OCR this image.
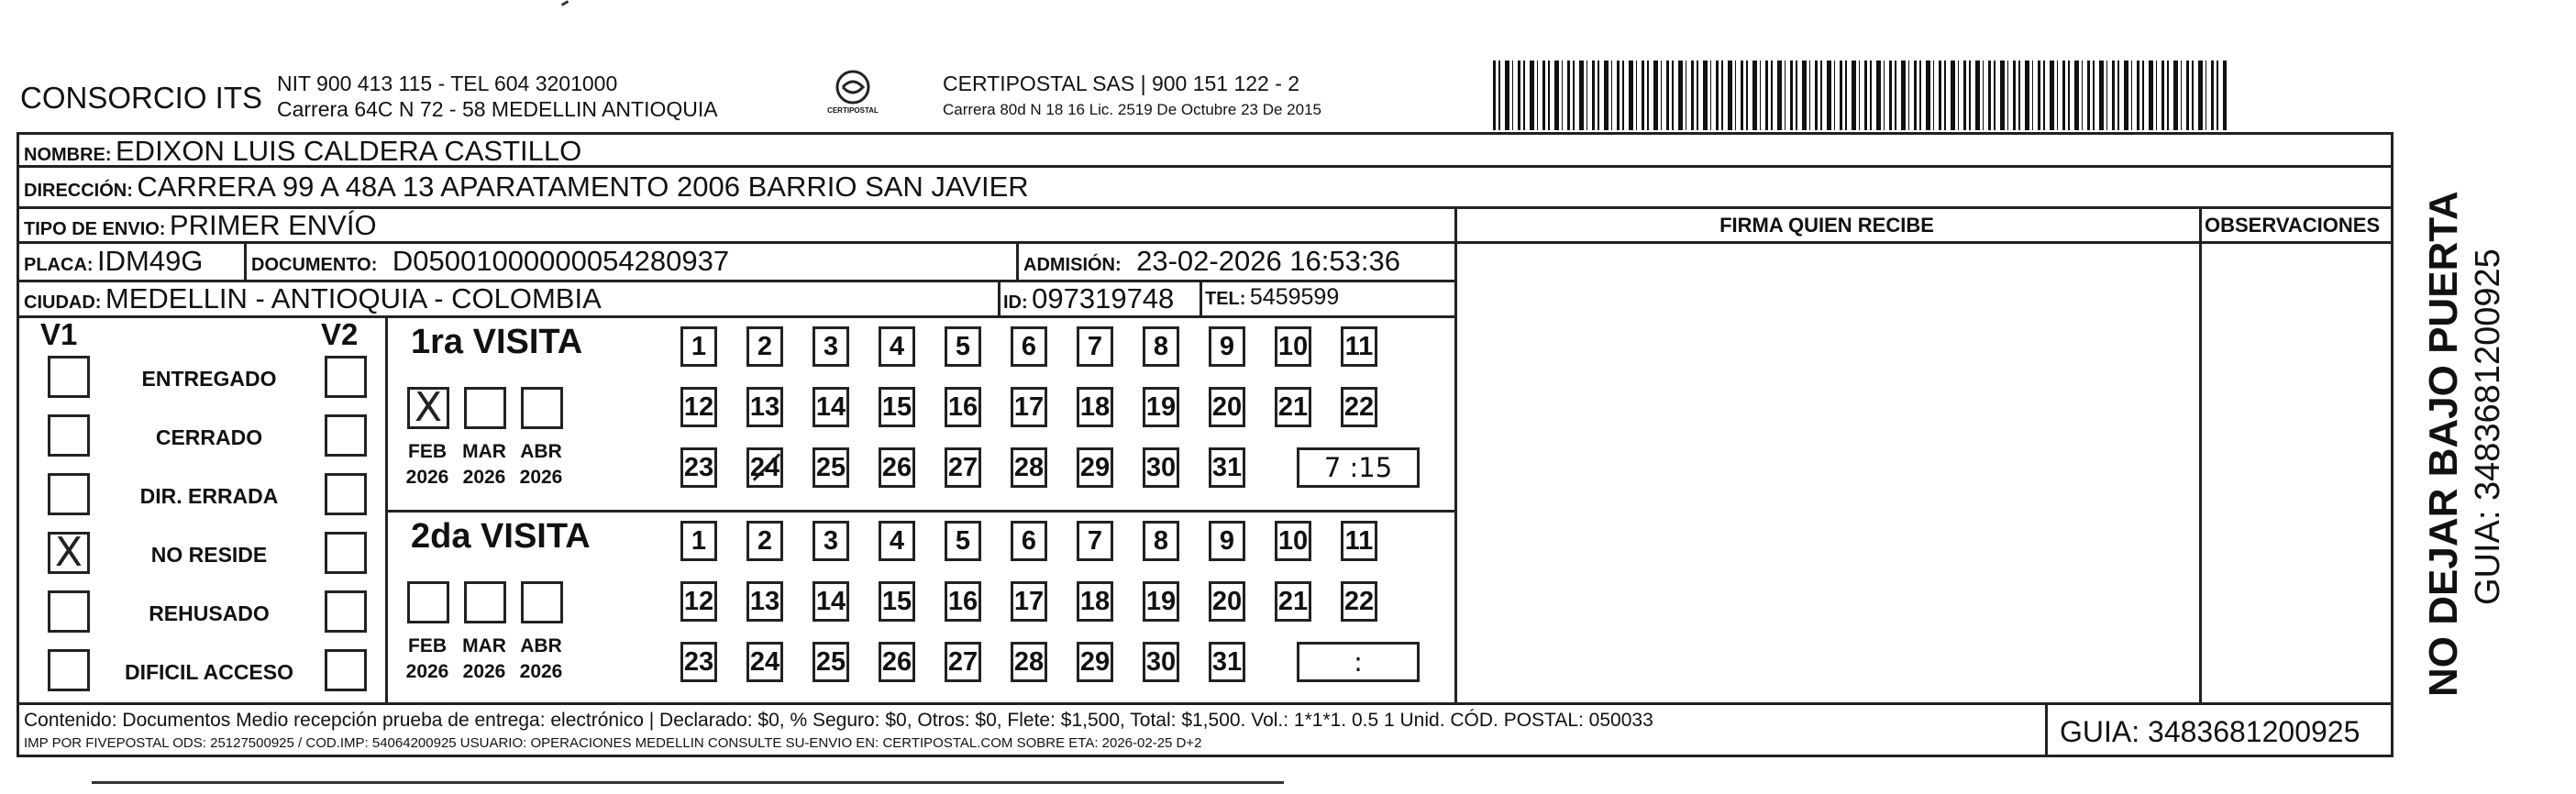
CONSORCIO ITS NIT 900 413 115 - TEL 604 3201000
Carrera 64C N 72 - 58 MEDELLIN ANTIOQUIA	CERTIPOSTAL
CERTIPOSTAL SAS | 900 151 122 - 2
Carrera 80d N 18 16 Lic. 2519 De Octubre 23 De 2015
NOMBRE: EDIXON LUIS CALDERA CASTILLO
DIRECCIÓN: CARRERA 99 A 48A 13 APARATAMENTO 2006 BARRIO SAN JAVIER
TIPO DE ENVIO: PRIMER ENVÍO
PLACA: IDM49G	DOCUMENTO: D05001000000054280937	ADMISIÓN: 23-02-2026 16:53:36
CIUDAD: MEDELLIN - ANTIOQUIA - COLOMBIA	ID: 097319748 TEL: 5459599
FIRMA QUIEN RECIBE	OBSERVACIONES
V1	V2
ENTREGADO
CERRADO
DIR. ERRADA
X	NO RESIDE
REHUSADO
DIFICIL ACCESO
1ra VISITA
X
FEB
2026
MAR
2026
ABR
2026
1	2	3	4	5	6	7	8	9	10 11
12 13 14 15 16 17 18 19 20 21 22
23 24 25 26 27 28 29 30 31	7 :15
2da VISITA
FEB
2026
MAR
2026
ABR
2026
1	2	3	4	5	6	7	8	9	10 11
12 13 14 15 16 17 18 19 20 21 22
23 24 25 26 27 28 29 30 31	:
Contenido: Documentos Medio recepción prueba de entrega: electrónico | Declarado: $0, % Seguro: $0, Otros: $0, Flete: $1,500, Total: $1,500. Vol.: 1*1*1. 0.5 1 Unid. CÓD. POSTAL: 050033
IMP POR FIVEPOSTAL ODS: 25127500925 / COD.IMP: 54064200925 USUARIO: OPERACIONES MEDELLIN CONSULTE SU-ENVIO EN: CERTIPOSTAL.COM SOBRE ETA: 2026-02-25 D+2	GUIA: 3483681200925
NO DEJAR BAJO PUERTA GUIA: 3483681200925
